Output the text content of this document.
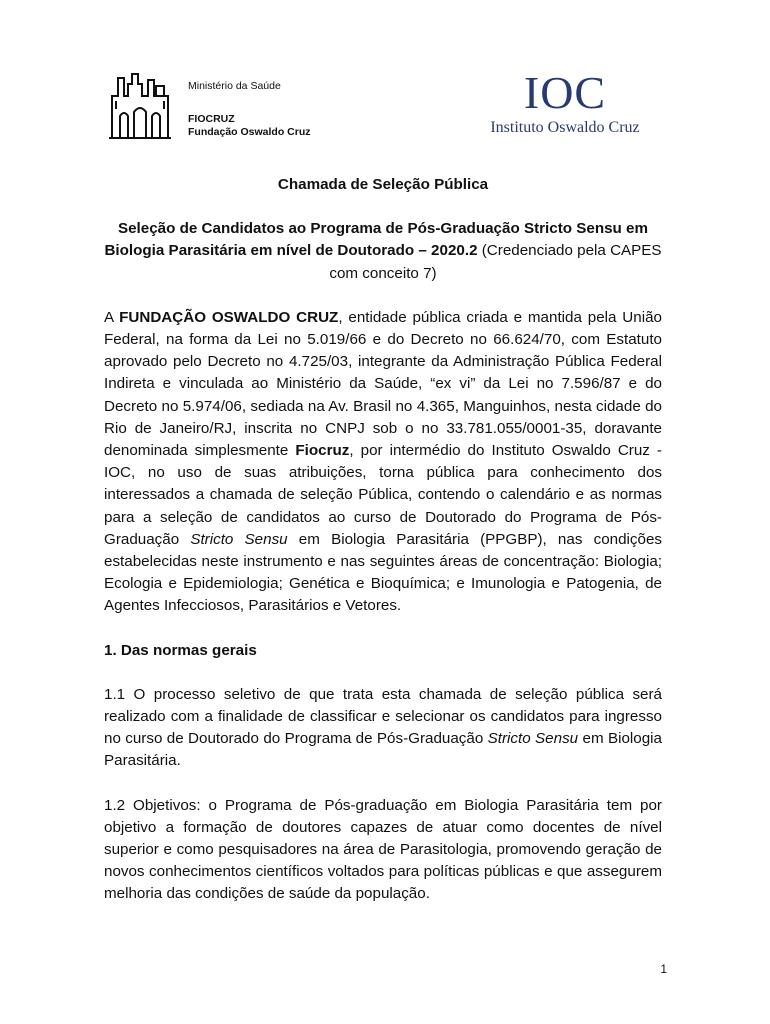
Ministério da Saúde
FIOCRUZ
Fundação Oswaldo Cruz
IOC
Instituto Oswaldo Cruz

Chamada de Seleção Pública

Seleção de Candidatos ao Programa de Pós-Graduação Stricto Sensu em Biologia Parasitária em nível de Doutorado – 2020.2 (Credenciado pela CAPES com conceito 7)

A FUNDAÇÃO OSWALDO CRUZ, entidade pública criada e mantida pela União Federal, na forma da Lei no 5.019/66 e do Decreto no 66.624/70, com Estatuto aprovado pelo Decreto no 4.725/03, integrante da Administração Pública Federal Indireta e vinculada ao Ministério da Saúde, “ex vi” da Lei no 7.596/87 e do Decreto no 5.974/06, sediada na Av. Brasil no 4.365, Manguinhos, nesta cidade do Rio de Janeiro/RJ, inscrita no CNPJ sob o no 33.781.055/0001-35, doravante denominada simplesmente Fiocruz, por intermédio do Instituto Oswaldo Cruz - IOC, no uso de suas atribuições, torna pública para conhecimento dos interessados a chamada de seleção Pública, contendo o calendário e as normas para a seleção de candidatos ao curso de Doutorado do Programa de Pós-Graduação Stricto Sensu em Biologia Parasitária (PPGBP), nas condições estabelecidas neste instrumento e nas seguintes áreas de concentração: Biologia; Ecologia e Epidemiologia; Genética e Bioquímica; e Imunologia e Patogenia, de Agentes Infecciosos, Parasitários e Vetores.

1. Das normas gerais

1.1 O processo seletivo de que trata esta chamada de seleção pública será realizado com a finalidade de classificar e selecionar os candidatos para ingresso no curso de Doutorado do Programa de Pós-Graduação Stricto Sensu em Biologia Parasitária.

1.2 Objetivos: o Programa de Pós-graduação em Biologia Parasitária tem por objetivo a formação de doutores capazes de atuar como docentes de nível superior e como pesquisadores na área de Parasitologia, promovendo geração de novos conhecimentos científicos voltados para políticas públicas e que assegurem melhoria das condições de saúde da população.

1
